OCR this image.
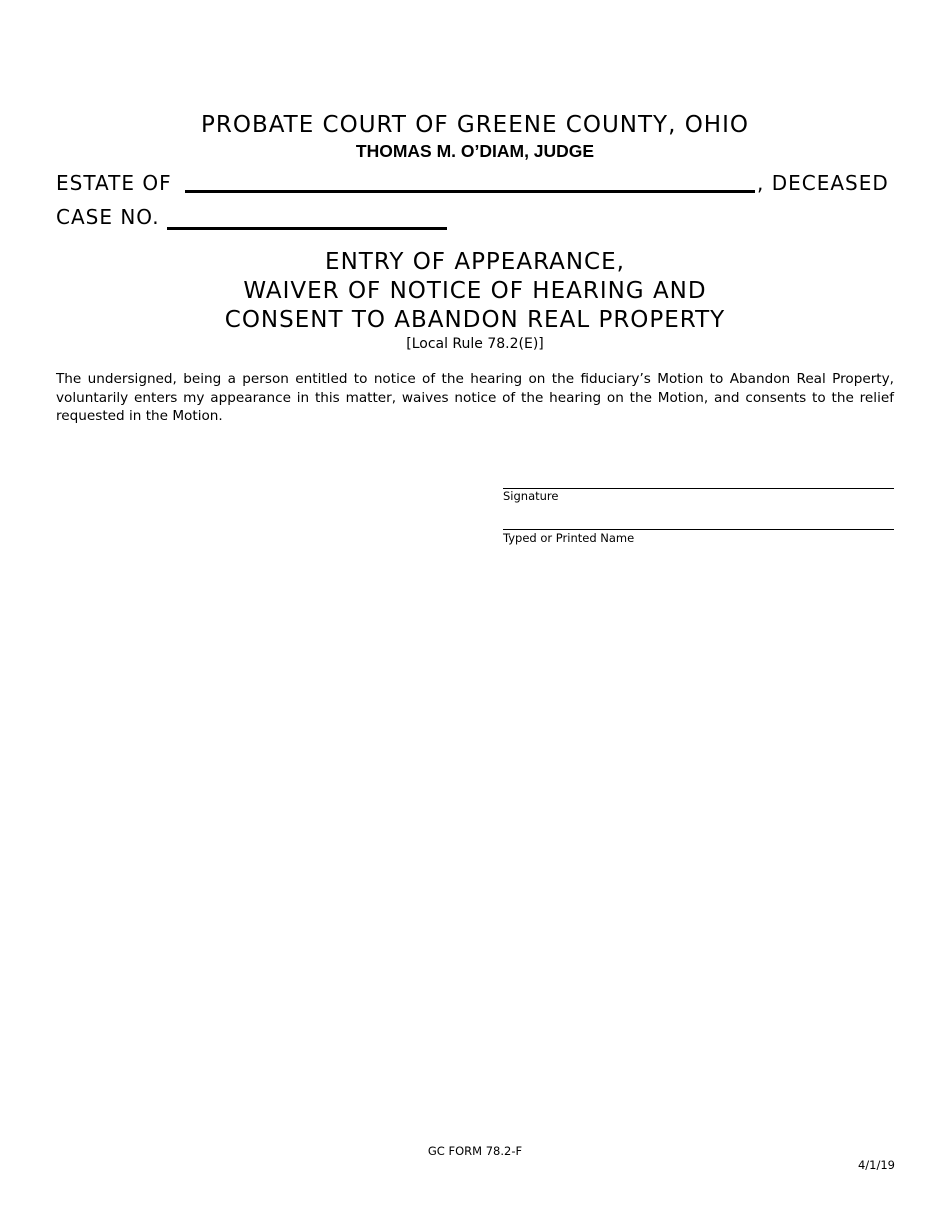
PROBATE COURT OF GREENE COUNTY, OHIO
THOMAS M. O’DIAM, JUDGE
ESTATE OF	, DECEASED
CASE NO.
ENTRY OF APPEARANCE,
WAIVER OF NOTICE OF HEARING AND
CONSENT TO ABANDON REAL PROPERTY
[Local Rule 78.2(E)]
The undersigned, being a person entitled to notice of the hearing on the fiduciary’s Motion to Abandon Real Property, voluntarily enters my appearance in this matter, waives notice of the hearing on the Motion, and consents to the relief requested in the Motion.
Signature
Typed or Printed Name
GC FORM 78.2-F
4/1/19
